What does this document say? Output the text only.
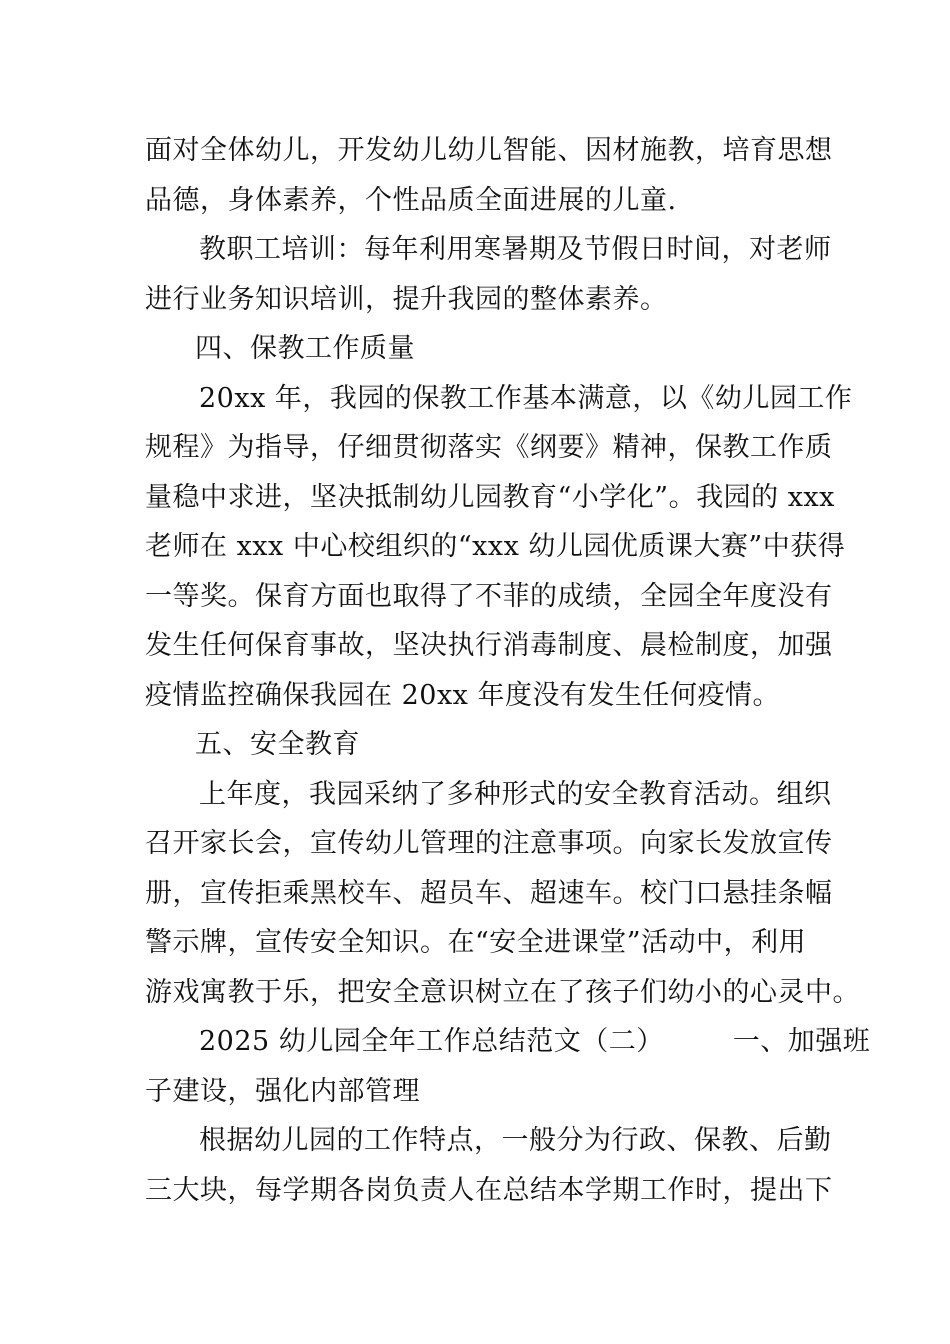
面对全体幼儿，开发幼儿幼儿智能、因材施教，培育思想
品德，身体素养，个性品质全面进展的儿童.
教职工培训：每年利用寒暑期及节假日时间，对老师
进行业务知识培训，提升我园的整体素养。
四、保教工作质量
20xx 年，我园的保教工作基本满意，以《幼儿园工作
规程》为指导，仔细贯彻落实《纲要》精神，保教工作质
量稳中求进，坚决抵制幼儿园教育“小学化”。我园的 xxx
老师在 xxx 中心校组织的“xxx 幼儿园优质课大赛”中获得
一等奖。保育方面也取得了不菲的成绩，全园全年度没有
发生任何保育事故，坚决执行消毒制度、晨检制度，加强
疫情监控确保我园在 20xx 年度没有发生任何疫情。
五、安全教育
上年度，我园采纳了多种形式的安全教育活动。组织
召开家长会，宣传幼儿管理的注意事项。向家长发放宣传
册，宣传拒乘黑校车、超员车、超速车。校门口悬挂条幅
警示牌，宣传安全知识。在“安全进课堂”活动中，利用
游戏寓教于乐，把安全意识树立在了孩子们幼小的心灵中。
2025 幼儿园全年工作总结范文（二）　　　一、加强班
子建设，强化内部管理
根据幼儿园的工作特点，一般分为行政、保教、后勤
三大块，每学期各岗负责人在总结本学期工作时，提出下
